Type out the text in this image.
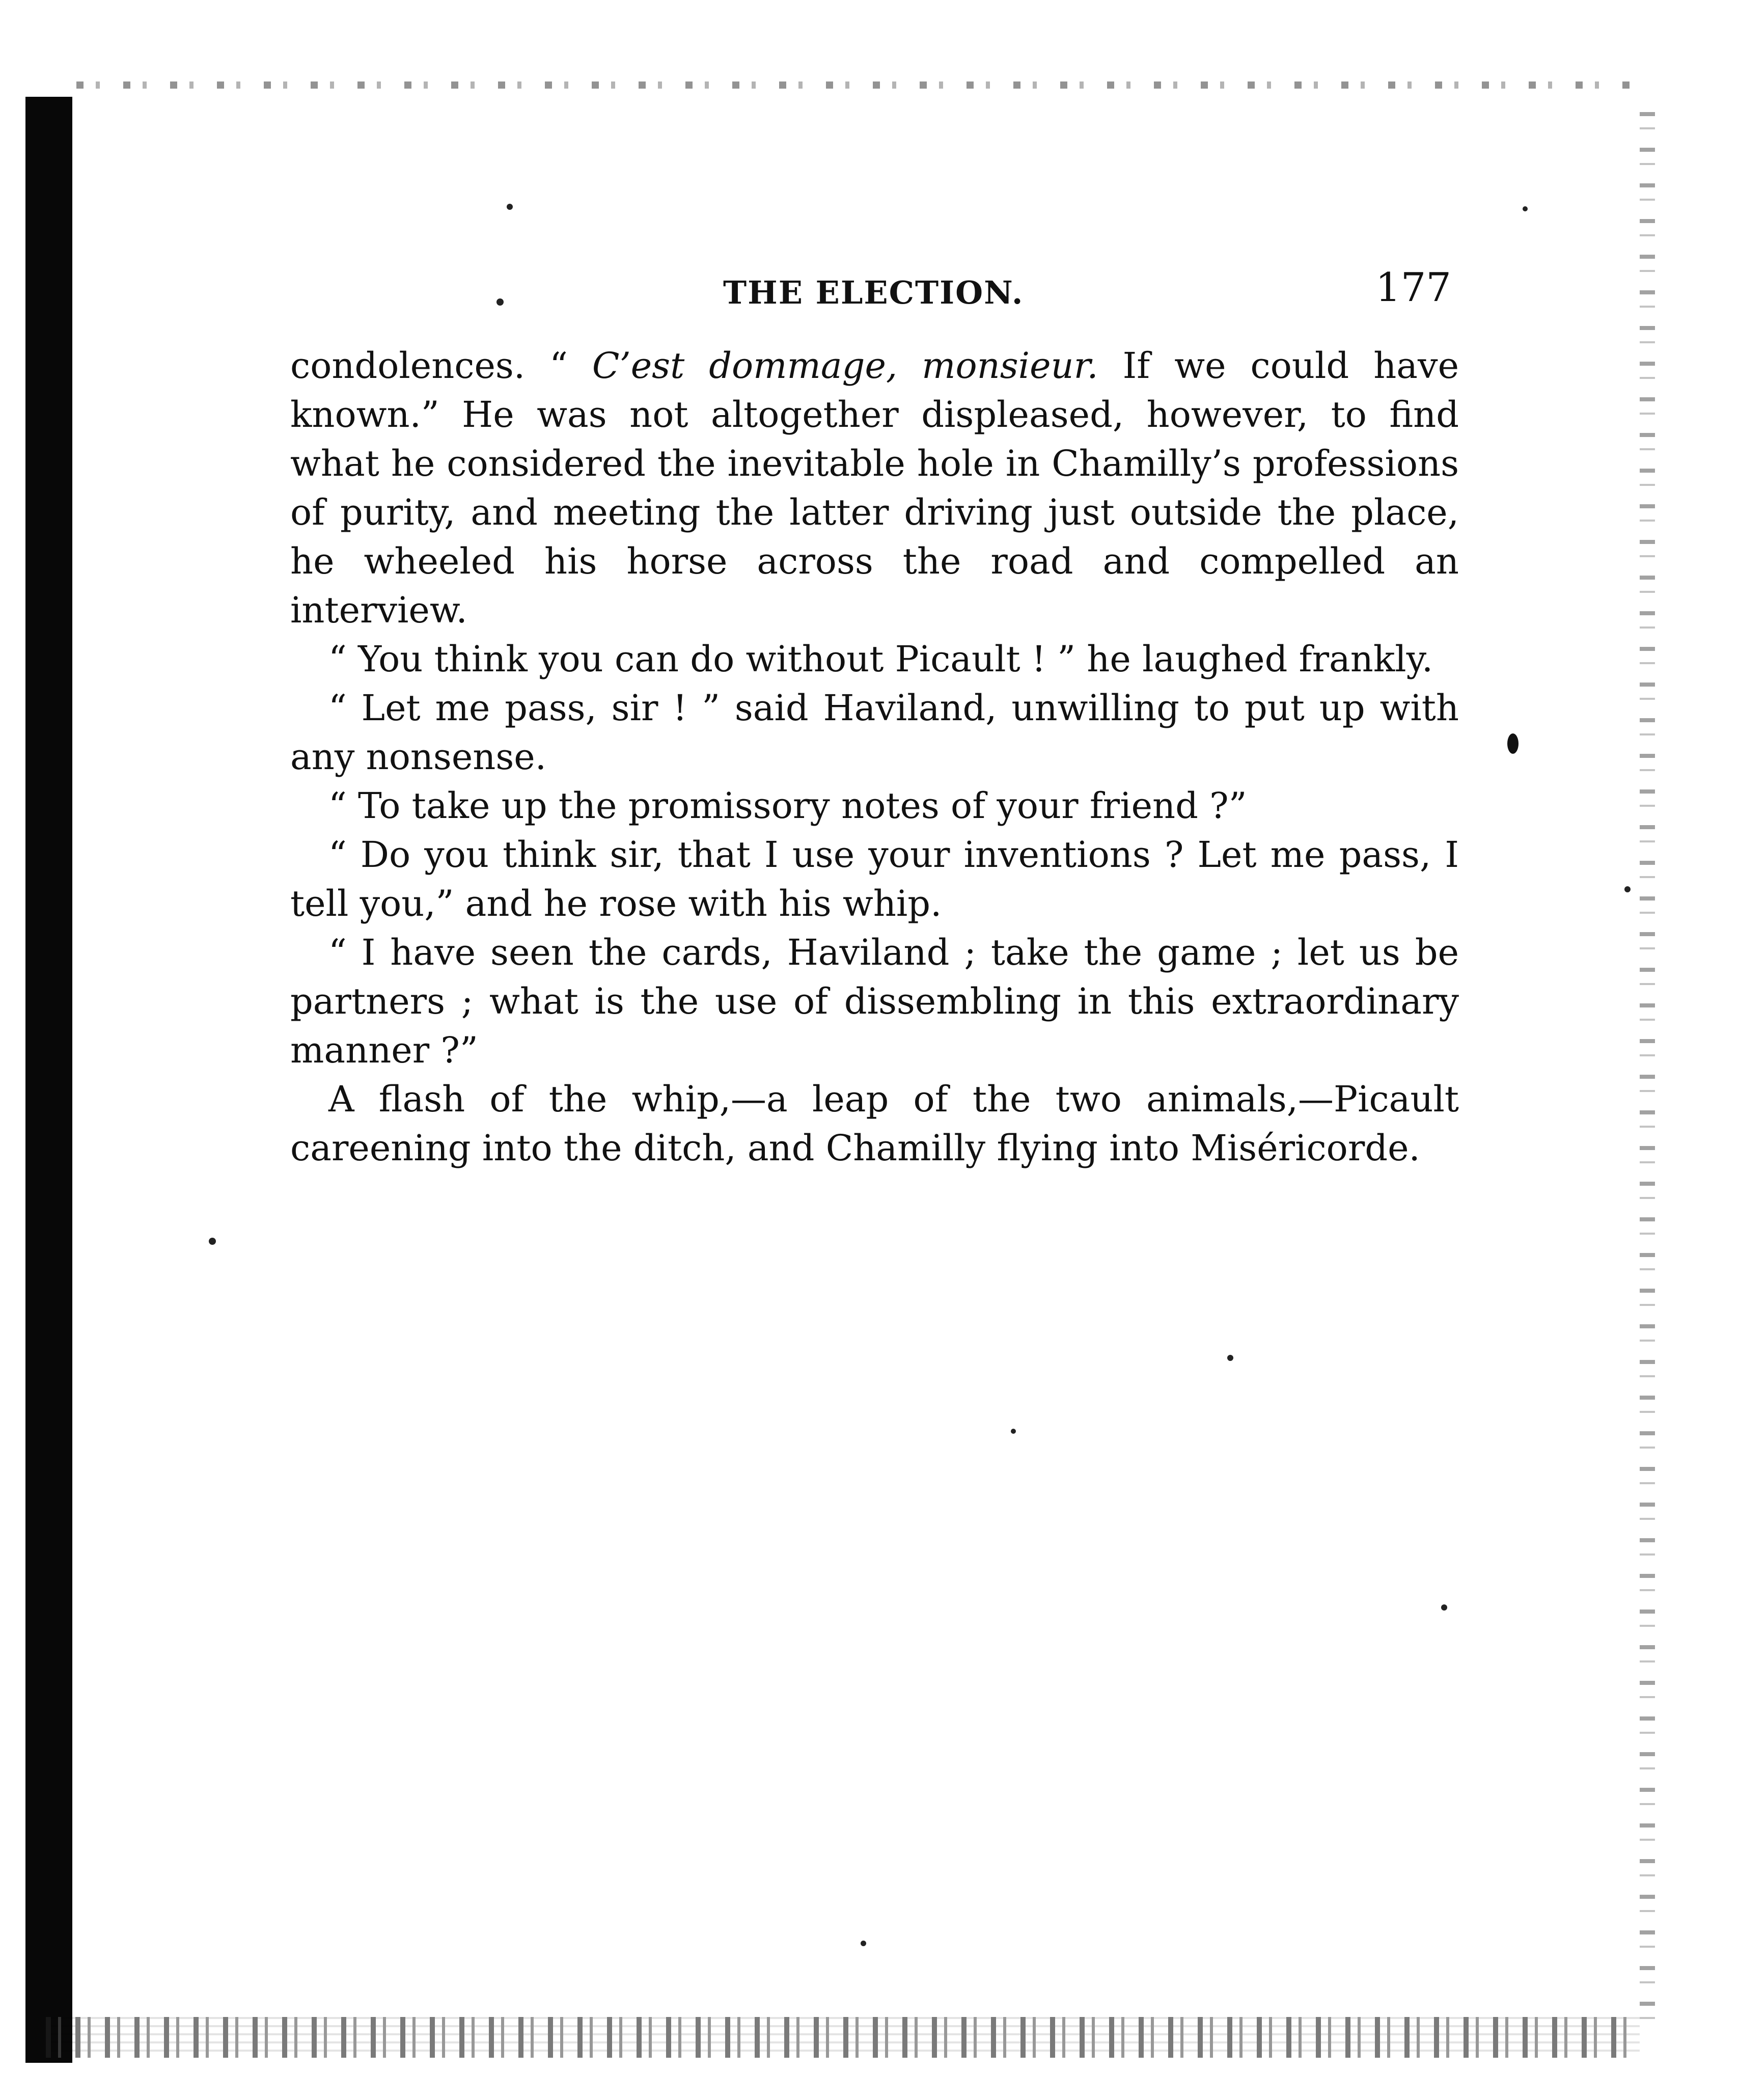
THE ELECTION.	177

condolences. “ C’est dommage, monsieur. If we could have known.” He was not altogether displeased, however, to find what he considered the inevitable hole in Chamilly’s professions of purity, and meeting the latter driving just outside the place, he wheeled his horse across the road and compelled an interview.

“ You think you can do without Picault ! ” he laughed frankly.

“ Let me pass, sir ! ” said Haviland, unwilling to put up with any nonsense.

“ To take up the promissory notes of your friend ?”

“ Do you think sir, that I use your inventions ? Let me pass, I tell you,” and he rose with his whip.

“ I have seen the cards, Haviland ; take the game ; let us be partners ; what is the use of dissembling in this extraordinary manner ?”

A flash of the whip,—a leap of the two animals,—Picault careening into the ditch, and Chamilly flying into Miséricorde.
